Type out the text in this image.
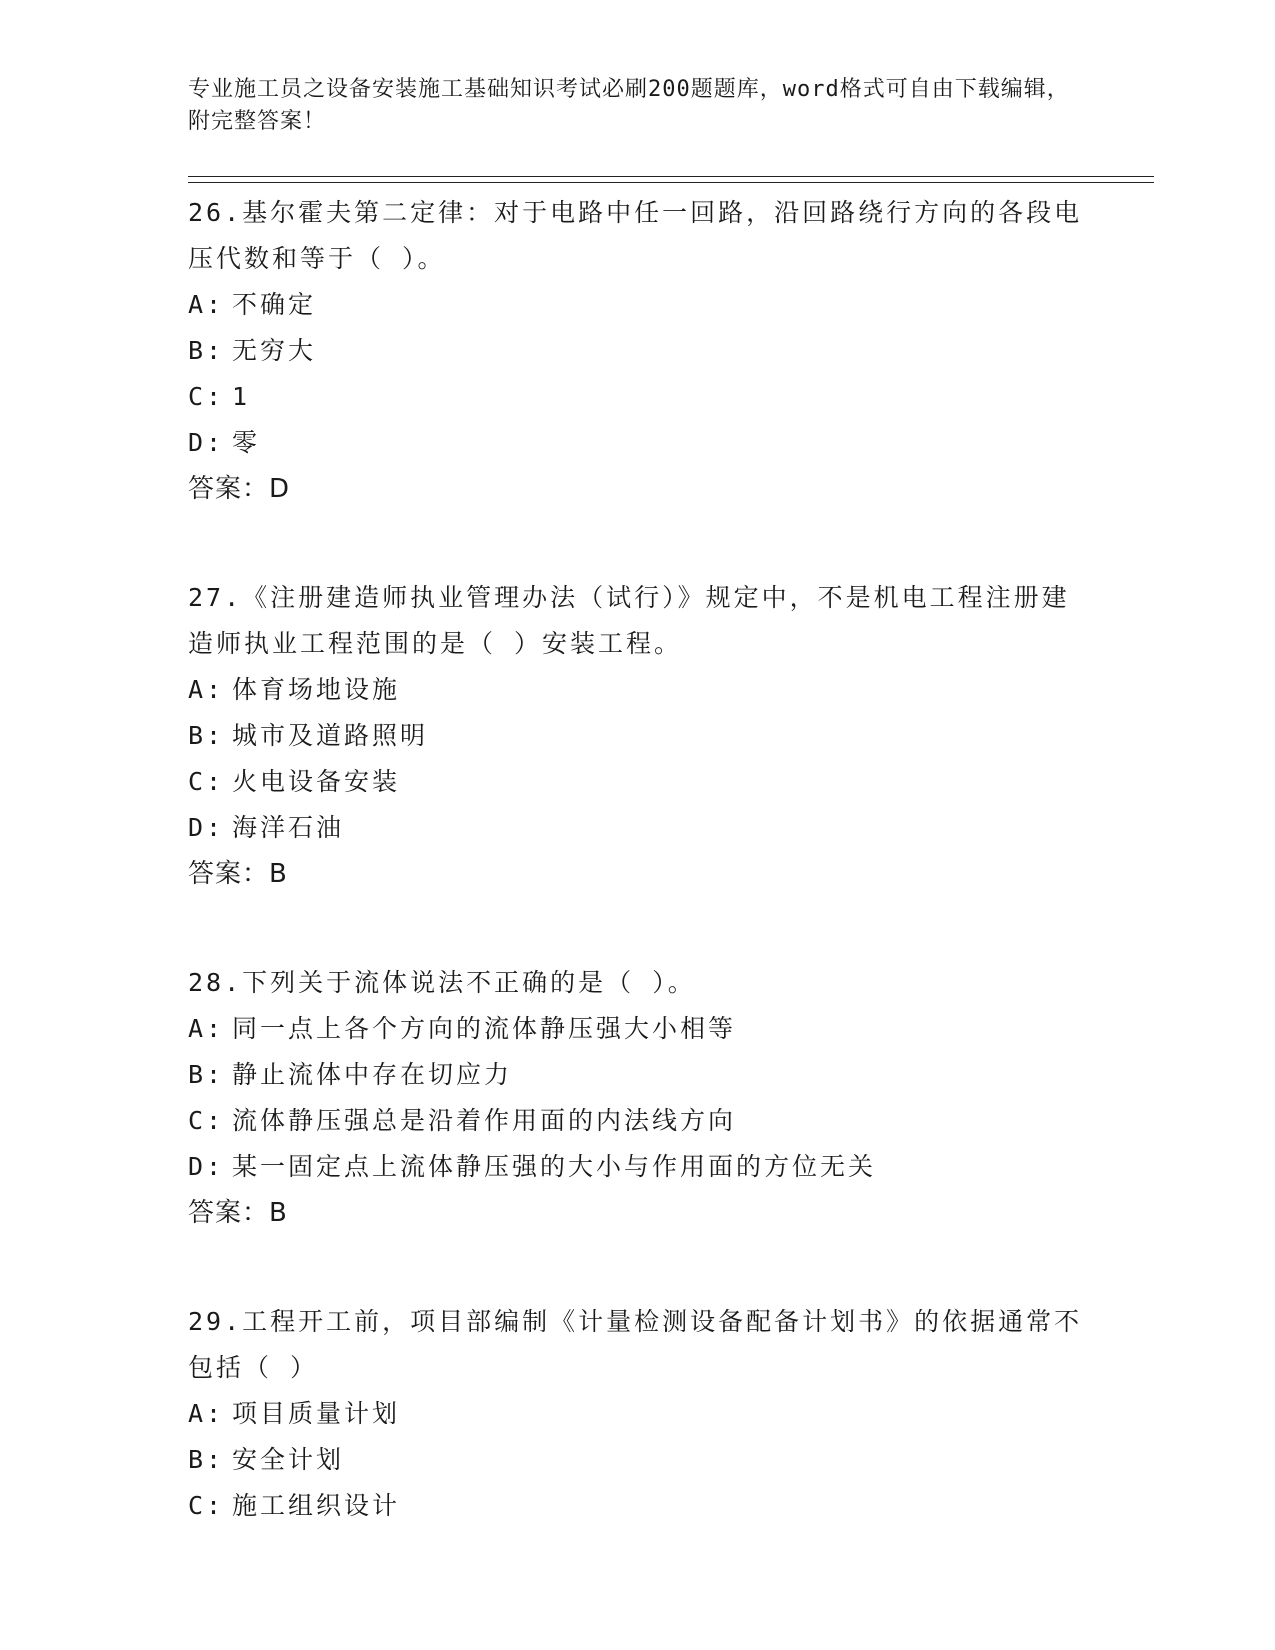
专业施工员之设备安装施工基础知识考试必刷200题题库，word格式可自由下载编辑，附完整答案！

26.基尔霍夫第二定律：对于电路中任一回路，沿回路绕行方向的各段电压代数和等于（ ）。

A: 不确定

B: 无穷大

C: 1

D: 零

答案：D

27.《注册建造师执业管理办法（试行）》规定中，不是机电工程注册建造师执业工程范围的是（ ）安装工程。

A: 体育场地设施

B: 城市及道路照明

C: 火电设备安装

D: 海洋石油

答案：B

28.下列关于流体说法不正确的是（ ）。

A: 同一点上各个方向的流体静压强大小相等

B: 静止流体中存在切应力

C: 流体静压强总是沿着作用面的内法线方向

D: 某一固定点上流体静压强的大小与作用面的方位无关

答案：B

29.工程开工前，项目部编制《计量检测设备配备计划书》的依据通常不包括（ ）

A: 项目质量计划

B: 安全计划

C: 施工组织设计
